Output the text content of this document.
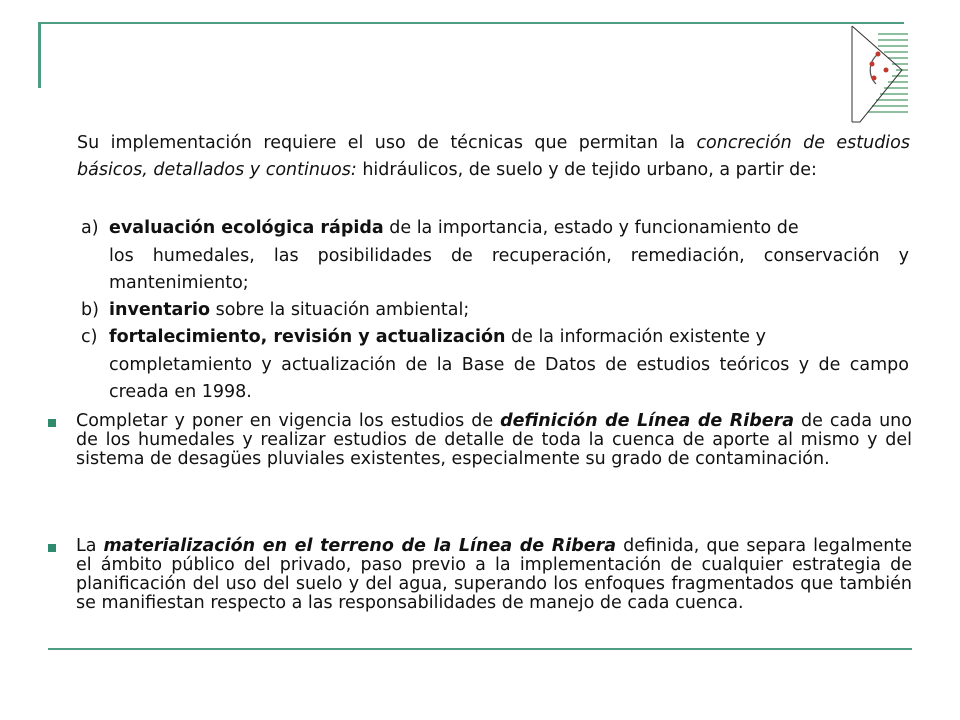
Su implementación requiere el uso de técnicas que permitan la concreción de estudios básicos, detallados y continuos: hidráulicos, de suelo y de tejido urbano, a partir de:
a) evaluación ecológica rápida de la importancia, estado y funcionamiento de
los humedales, las posibilidades de recuperación, remediación, conservación y mantenimiento;
b) inventario sobre la situación ambiental;
c) fortalecimiento, revisión y actualización de la información existente y
completamiento y actualización de la Base de Datos de estudios teóricos y de campo creada en 1998.
Completar y poner en vigencia los estudios de definición de Línea de Ribera de cada uno de los humedales y realizar estudios de detalle de toda la cuenca de aporte al mismo y del sistema de desagües pluviales existentes, especialmente su grado de contaminación.
La materialización en el terreno de la Línea de Ribera definida, que separa legalmente el ámbito público del privado, paso previo a la implementación de cualquier estrategia de planificación del uso del suelo y del agua, superando los enfoques fragmentados que también se manifiestan respecto a las responsabilidades de manejo de cada cuenca.
